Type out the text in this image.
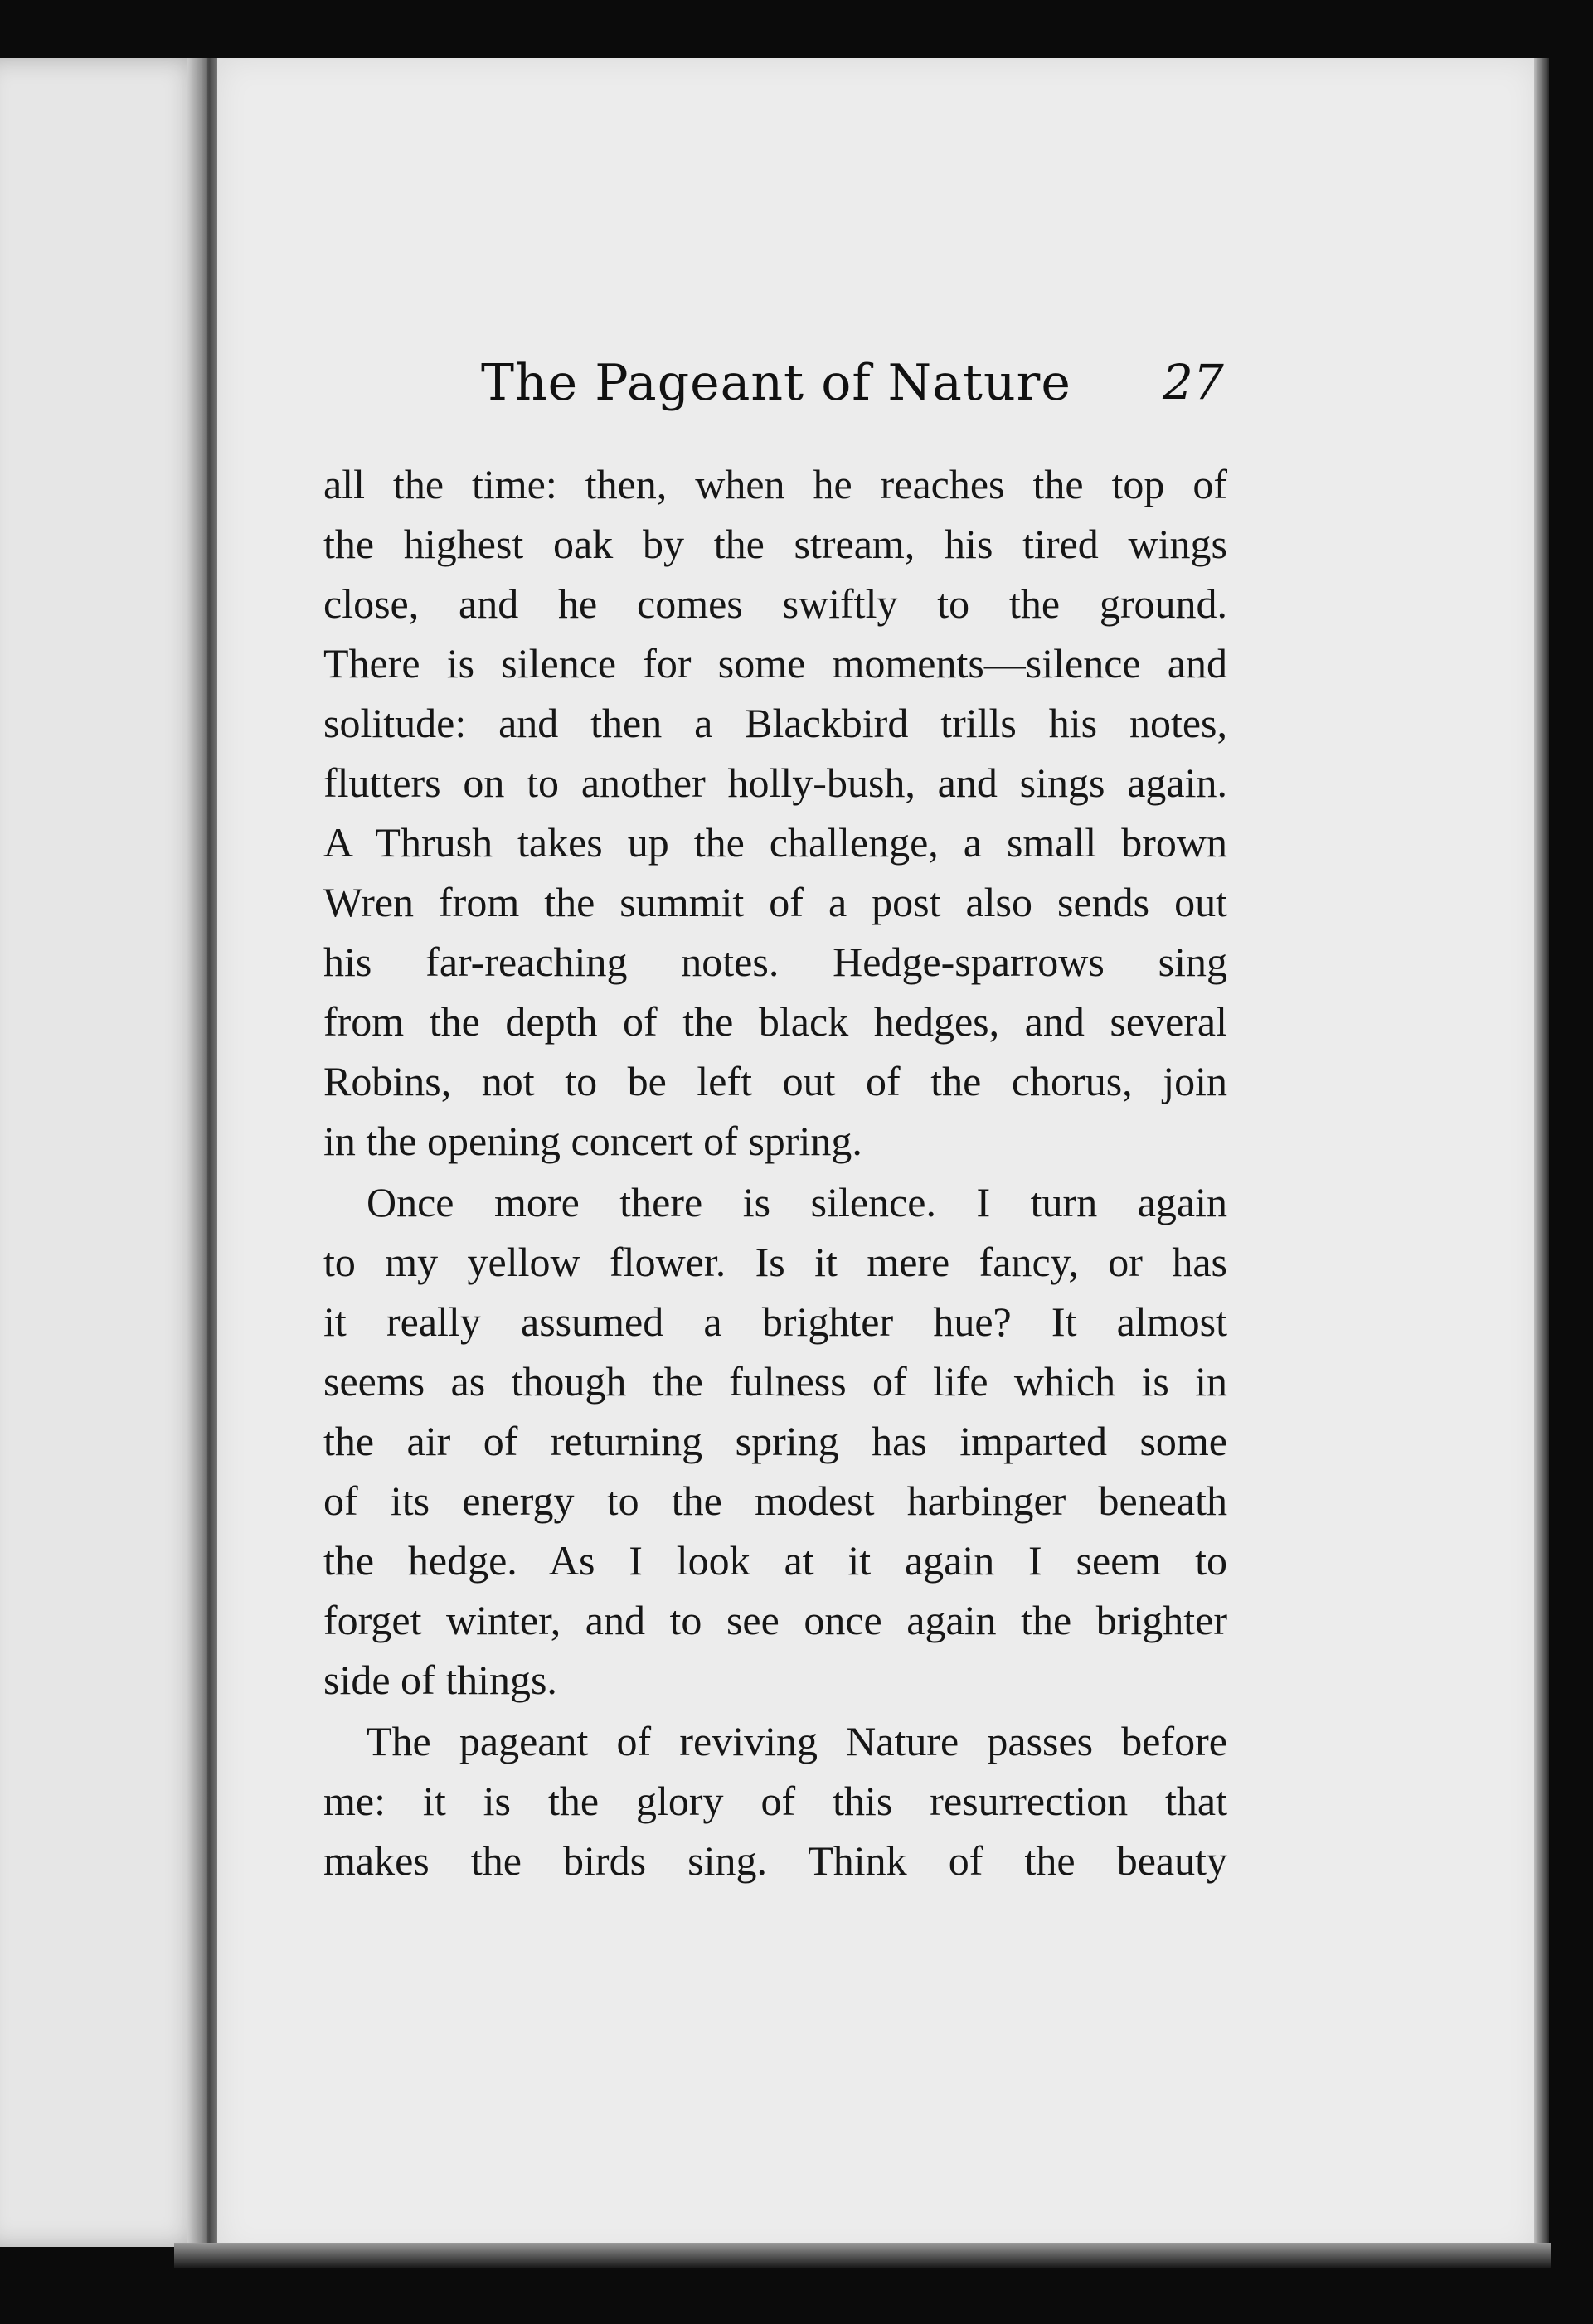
The Pageant of Nature 27
all the time: then, when he reaches the top of
the highest oak by the stream, his tired wings
close, and he comes swiftly to the ground.
There is silence for some moments—silence and
solitude: and then a Blackbird trills his notes,
flutters on to another holly-bush, and sings again.
A Thrush takes up the challenge, a small brown
Wren from the summit of a post also sends out
his far-reaching notes. Hedge-sparrows sing
from the depth of the black hedges, and several
Robins, not to be left out of the chorus, join
in the opening concert of spring.
Once more there is silence. I turn again
to my yellow flower. Is it mere fancy, or has
it really assumed a brighter hue? It almost
seems as though the fulness of life which is in
the air of returning spring has imparted some
of its energy to the modest harbinger beneath
the hedge. As I look at it again I seem to
forget winter, and to see once again the brighter
side of things.
The pageant of reviving Nature passes before
me: it is the glory of this resurrection that
makes the birds sing. Think of the beauty
